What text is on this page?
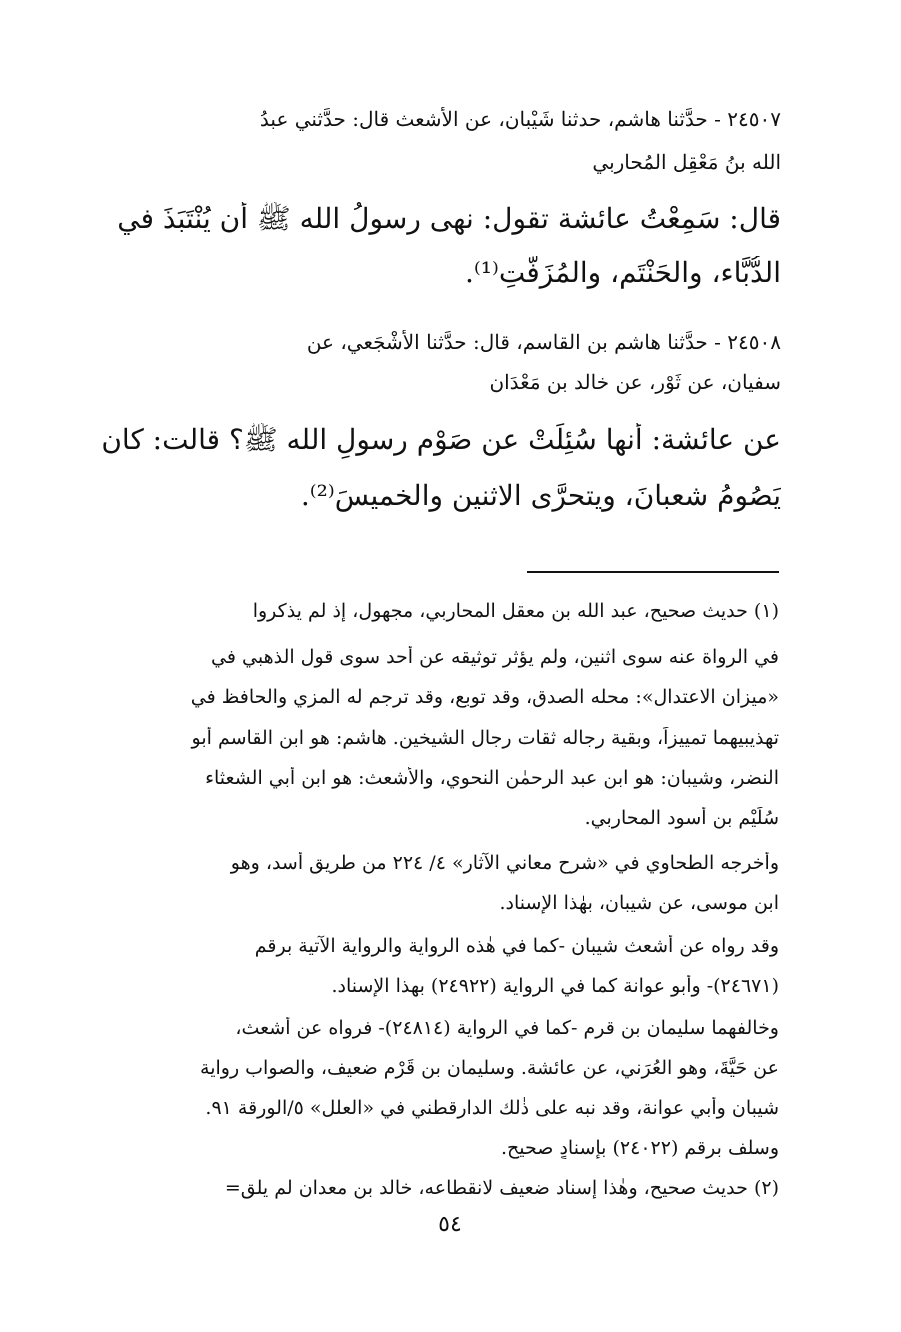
٢٤٥٠٧ - حدَّثنا هاشم، حدثنا شَيْبان، عن الأشعث قال: حدَّثني عبدُ
الله بنُ مَعْقِل المُحاربي
قال: سَمِعْتُ عائشة تقول: نهى رسولُ الله ﷺ أن يُنْتَبَذَ في
الدُّبَّاء، والحَنْتَم، والمُزَفَّتِ⁽¹⁾.
٢٤٥٠٨ - حدَّثنا هاشم بن القاسم، قال: حدَّثنا الأَشْجَعي، عن
سفيان، عن ثَوْر، عن خالد بن مَعْدَان
عن عائشة: أنها سُئِلَتْ عن صَوْم رسولِ الله ﷺ؟ قالت: كان
يَصُومُ شعبانَ، ويتحرَّى الاثنينِ والخميسَ⁽²⁾.
(١) حديث صحيح، عبد الله بن معقل المحاربي، مجهول، إذ لم يذكروا
في الرواة عنه سوى اثنين، ولم يؤثر توثيقه عن أحد سوى قول الذهبي في
«ميزان الاعتدال»: محله الصدق، وقد توبع، وقد ترجم له المزي والحافظ في
تهذيبيهما تمييزاً، وبقية رجاله ثقات رجال الشيخين. هاشم: هو ابن القاسم أبو
النضر، وشيبان: هو ابن عبد الرحمٰن النحوي، والأشعث: هو ابن أبي الشعثاء
سُلَيْم بن أسود المحاربي.
وأخرجه الطحاوي في «شرح معاني الآثار» ٤/ ٢٢٤ من طريق أسد، وهو
ابن موسى، عن شيبان، بهٰذا الإسناد.
وقد رواه عن أشعث شيبان -كما في هٰذه الرواية والرواية الآتية برقم
(٢٤٦٧١)- وأبو عوانة كما في الرواية (٢٤٩٢٢) بهذا الإسناد.
وخالفهما سليمان بن قرم -كما في الرواية (٢٤٨١٤)- فرواه عن أشعث،
عن حَيَّةَ، وهو العُرَني، عن عائشة. وسليمان بن قَرْم ضعيف، والصواب رواية
شيبان وأبي عوانة، وقد نبه على ذٰلك الدارقطني في «العلل» ٥/الورقة ٩١.
وسلف برقم (٢٤٠٢٢) بإسنادٍ صحيح.
(٢) حديث صحيح، وهٰذا إسناد ضعيف لانقطاعه، خالد بن معدان لم يلق=
٥٤
